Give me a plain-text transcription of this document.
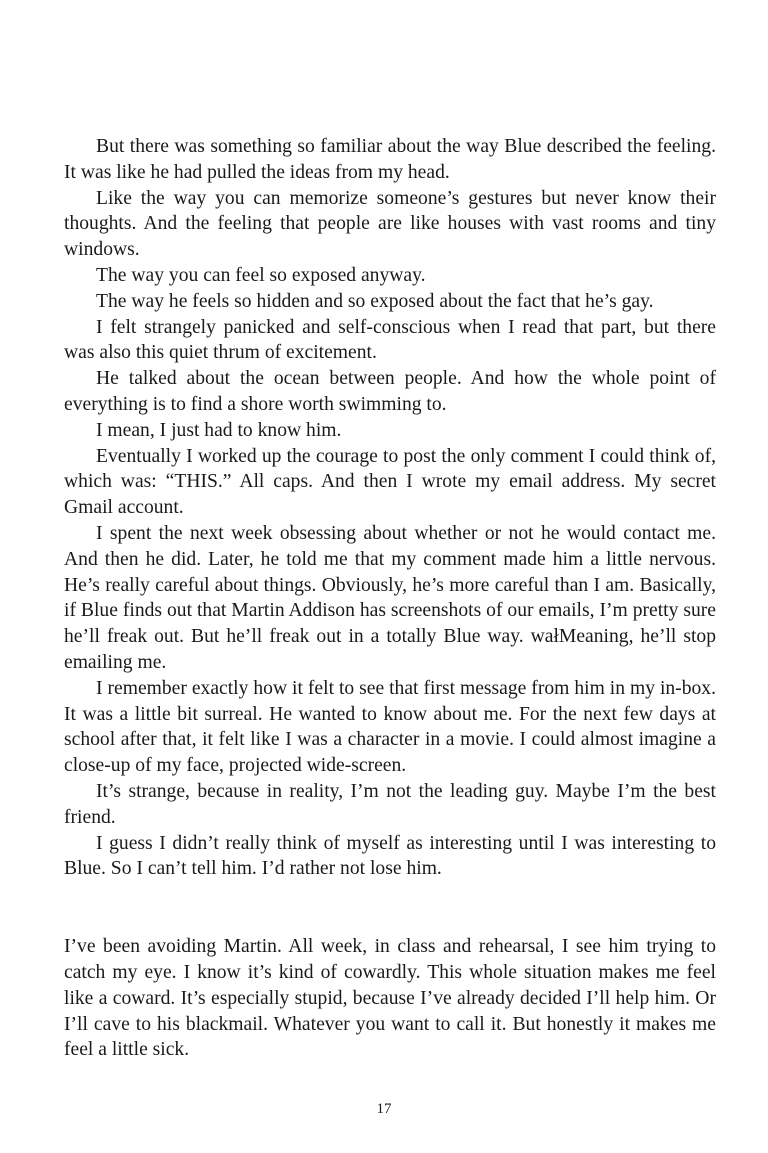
But there was something so familiar about the way Blue described the feeling. It was like he had pulled the ideas from my head.

Like the way you can memorize someone’s gestures but never know their thoughts. And the feeling that people are like houses with vast rooms and tiny windows.

The way you can feel so exposed anyway.

The way he feels so hidden and so exposed about the fact that he’s gay.

I felt strangely panicked and self-conscious when I read that part, but there was also this quiet thrum of excitement.

He talked about the ocean between people. And how the whole point of everything is to find a shore worth swimming to.

I mean, I just had to know him.

Eventually I worked up the courage to post the only comment I could think of, which was: “THIS.” All caps. And then I wrote my email address. My secret Gmail account.

I spent the next week obsessing about whether or not he would contact me. And then he did. Later, he told me that my comment made him a little nervous. He’s really careful about things. Obviously, he’s more careful than I am. Basically, if Blue finds out that Martin Addison has screenshots of our emails, I’m pretty sure he’ll freak out. But he’ll freak out in a totally Blue way. wałMeaning, he’ll stop emailing me.

I remember exactly how it felt to see that first message from him in my in-box. It was a little bit surreal. He wanted to know about me. For the next few days at school after that, it felt like I was a character in a movie. I could almost imagine a close-up of my face, projected wide-screen.

It’s strange, because in reality, I’m not the leading guy. Maybe I’m the best friend.

I guess I didn’t really think of myself as interesting until I was interesting to Blue. So I can’t tell him. I’d rather not lose him.

I’ve been avoiding Martin. All week, in class and rehearsal, I see him trying to catch my eye. I know it’s kind of cowardly. This whole situation makes me feel like a coward. It’s especially stupid, because I’ve already decided I’ll help him. Or I’ll cave to his blackmail. Whatever you want to call it. But honestly it makes me feel a little sick.

17
